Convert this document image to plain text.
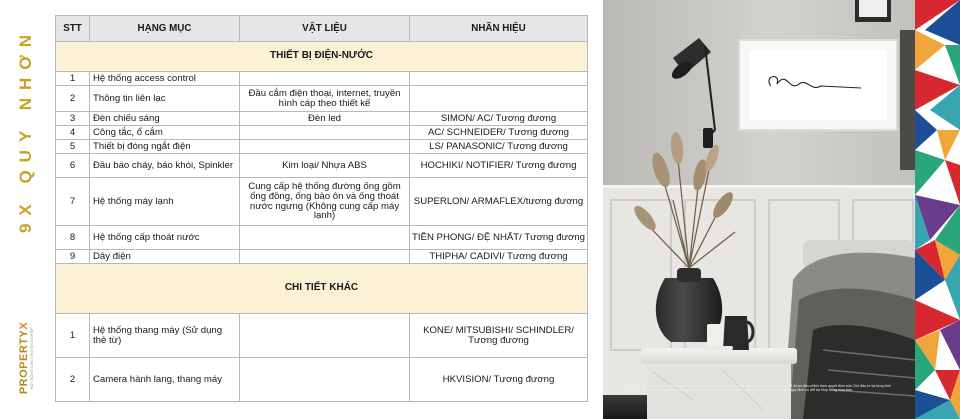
9X QUY NHƠN
PROPERTYX
BẤT ĐỘNG SẢN CHUYÊN NGHIỆP
STT	HẠNG MỤC	VẬT LIỆU	NHÃN HIỆU
THIẾT BỊ ĐIỆN-NƯỚC			
1	Hệ thống access control		
2	Thông tin liên lạc	Đầu cắm điện thoại, internet, truyền hình cáp theo thiết kế	
3	Đèn chiếu sáng	Đèn led	SIMON/ AC/ Tương đương
4	Công tắc, ổ cắm		AC/ SCHNEIDER/ Tương đương
5	Thiết bị đóng ngắt điện		LS/ PANASONIC/ Tương đương
6	Đầu báo cháy, báo khói, Spinkler	Kim loại/ Nhựa ABS	HOCHIKI/ NOTIFIER/ Tương đương
7	Hệ thống máy lạnh	Cung cấp hệ thống đường ống gồm ống đồng, ống bảo ôn và ống thoát nước ngưng (Không cung cấp máy lạnh)	SUPERLON/ ARMAFLEX/tương đương
8	Hệ thống cấp thoát nước		TIỀN PHONG/ ĐỆ NHẤT/ Tương đương
9	Dây điện		THIPHA/ CADIVI/ Tương đương
CHI TIẾT KHÁC			
1	Hệ thống thang máy (Sử dụng thẻ từ)		KONE/ MITSUBISHI/ SCHINDLER/ Tương đương
2	Camera hành lang, thang máy		HKVISION/ Tương đương
Những thông tin, hình ảnh, các tiện ích trên ấn phẩm này chỉ mang tính chất minh họa tương đối và có thể được điều chỉnh theo quyết định của Chủ đầu tư tại từng thời điểm, đảm bảo phù hợp quy hoạch và thực tế thi công dự án. Các thông tin, cam kết chính thức sẽ được quy định cụ thể tại Hợp đồng mua bán.
